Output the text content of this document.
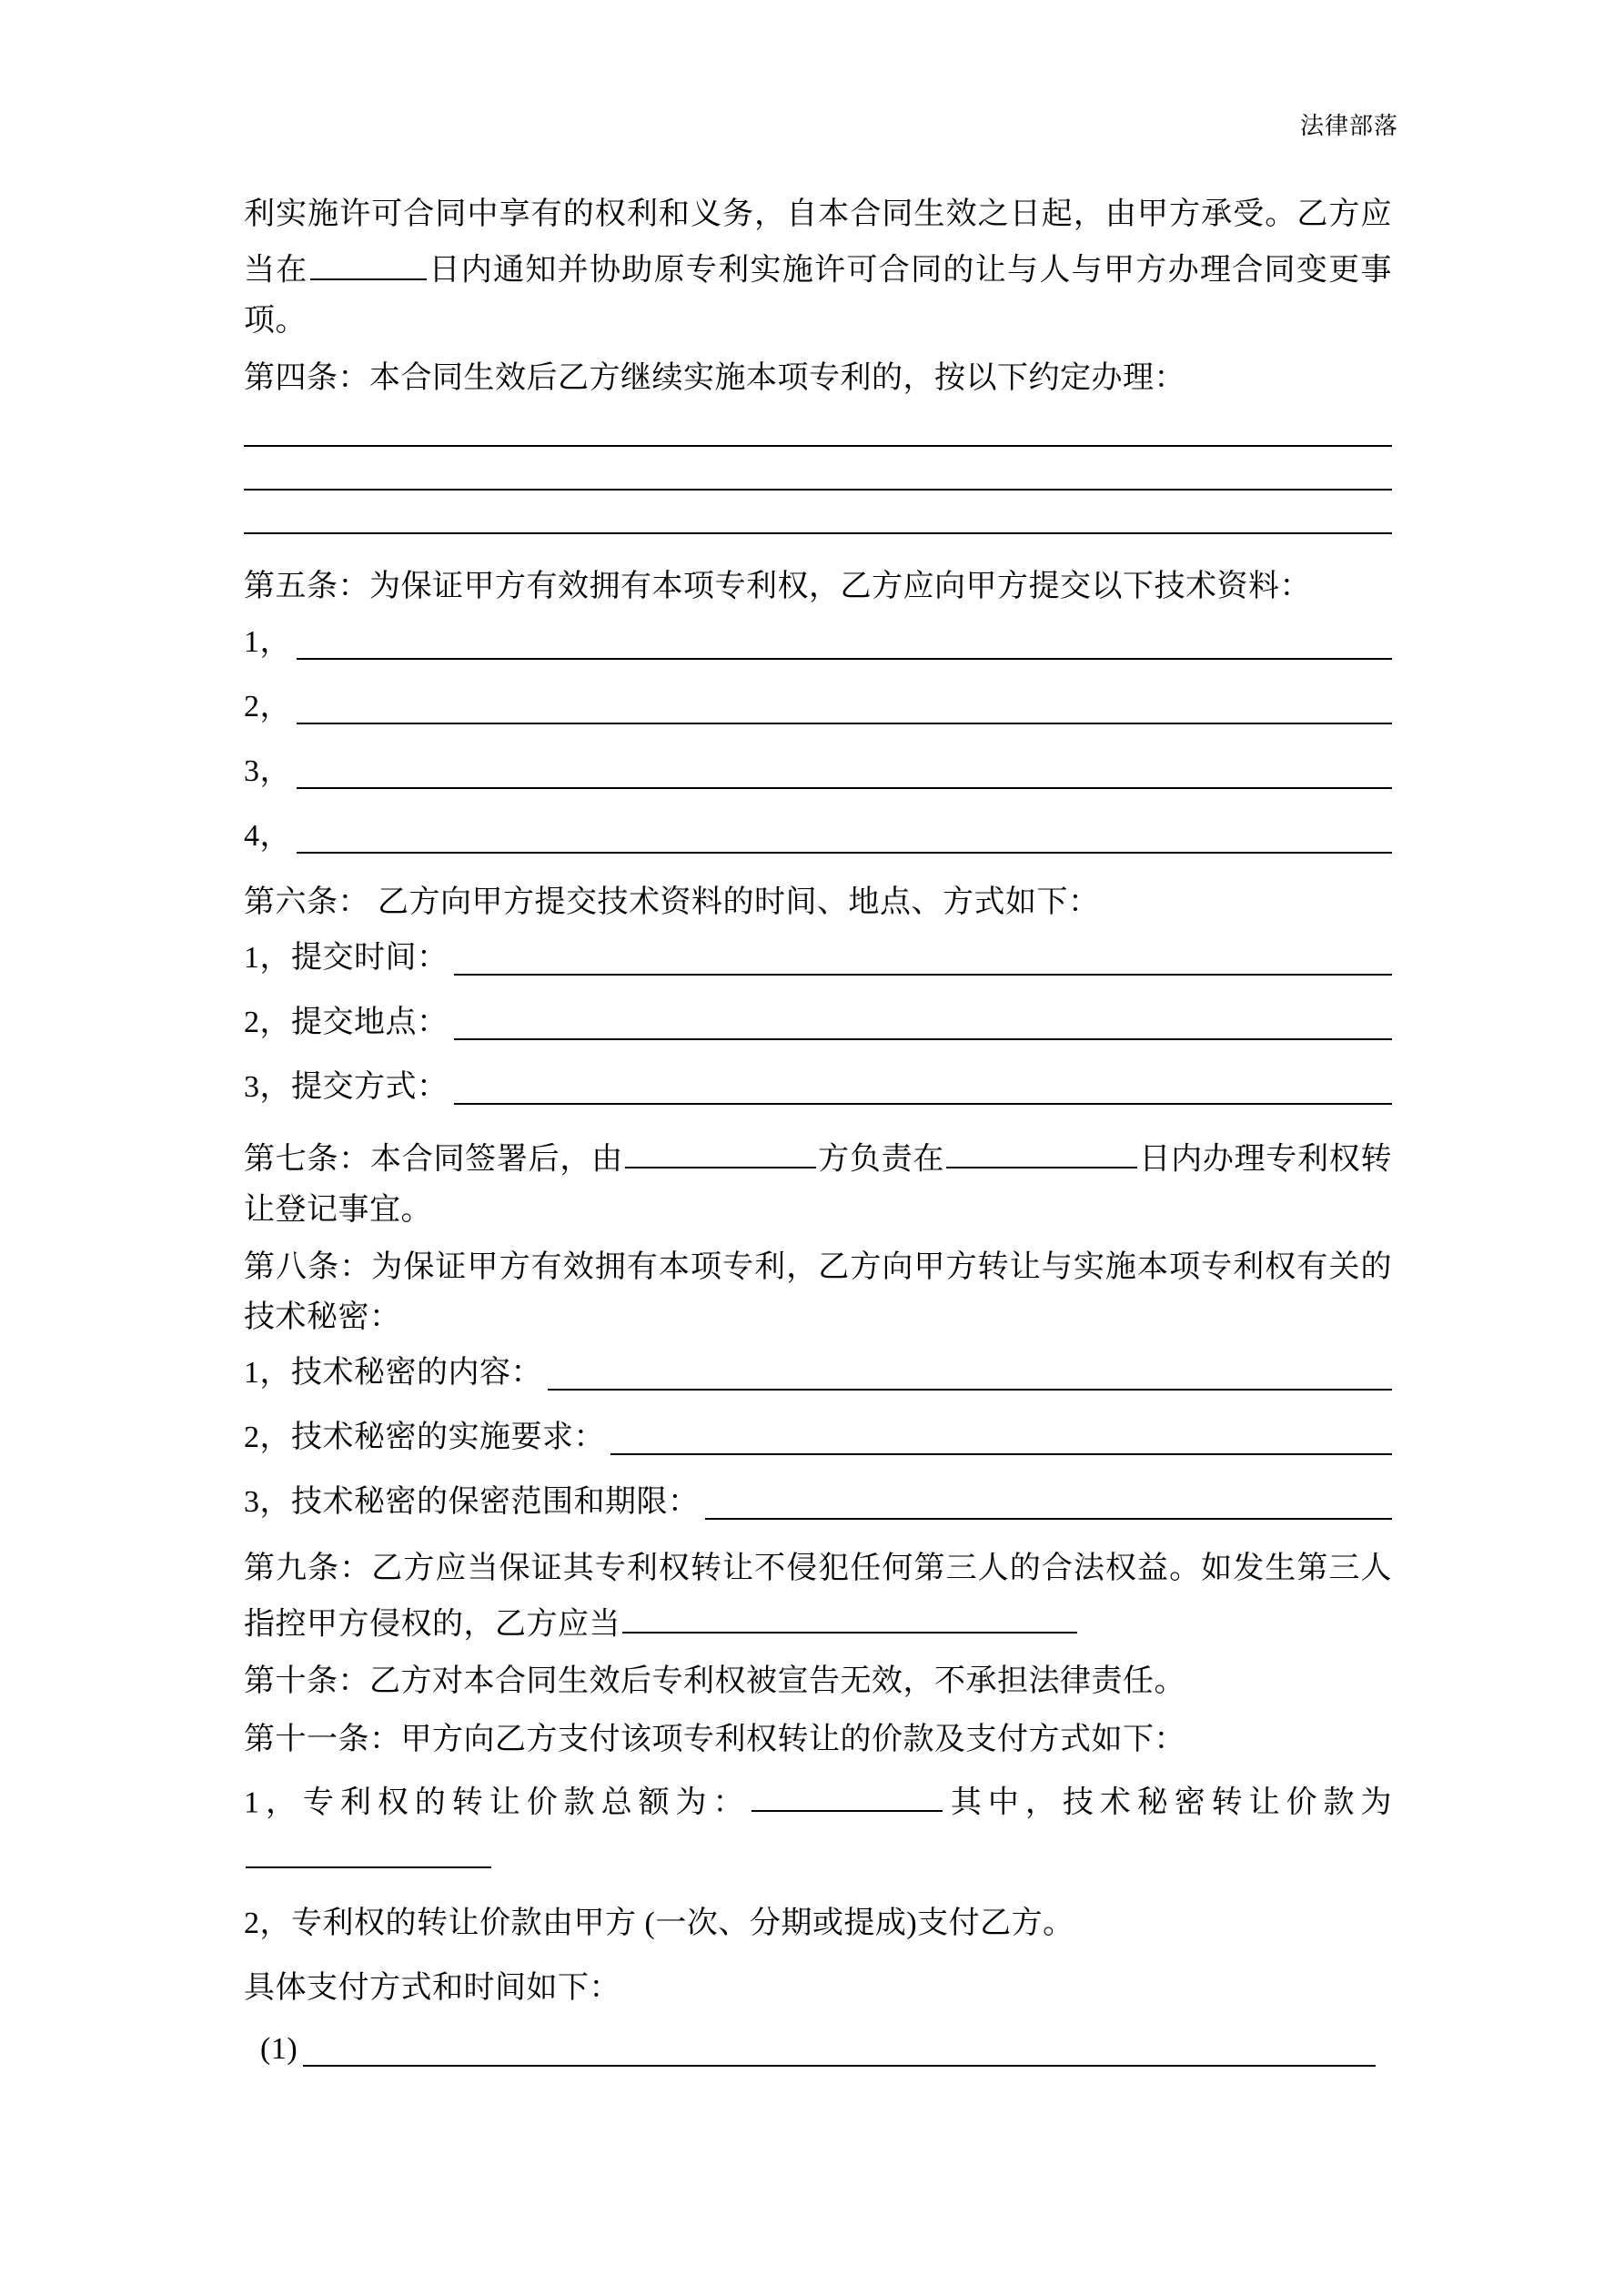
法律部落

利实施许可合同中享有的权利和义务，自本合同生效之日起，由甲方承受。乙方应当在	日内通知并协助原专利实施许可合同的让与人与甲方办理合同变更事项。

第四条：本合同生效后乙方继续实施本项专利的，按以下约定办理：

第五条：为保证甲方有效拥有本项专利权，乙方应向甲方提交以下技术资料：

1，
2，
3，
4，

第六条： 乙方向甲方提交技术资料的时间、地点、方式如下：

1，提交时间：
2，提交地点：
3，提交方式：

第七条：本合同签署后，由	方负责在	日内办理专利权转让登记事宜。

第八条：为保证甲方有效拥有本项专利，乙方向甲方转让与实施本项专利权有关的技术秘密：

1，技术秘密的内容：
2，技术秘密的实施要求：
3，技术秘密的保密范围和期限：

第九条：乙方应当保证其专利权转让不侵犯任何第三人的合法权益。如发生第三人指控甲方侵权的，乙方应当

第十条：乙方对本合同生效后专利权被宣告无效，不承担法律责任。

第十一条：甲方向乙方支付该项专利权转让的价款及支付方式如下：

1，专利权的转让价款总额为：	其中，技术秘密转让价款为

2，专利权的转让价款由甲方 (一次、分期或提成)支付乙方。

具体支付方式和时间如下：

(1)
